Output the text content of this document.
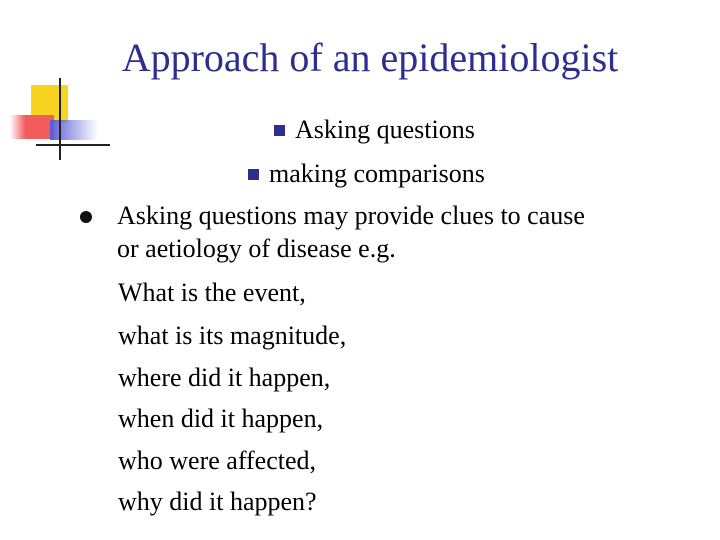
Approach of an epidemiologist
Asking questions
making comparisons
Asking questions may provide clues to cause
or aetiology of disease e.g.
What is the event,
what is its magnitude,
where did it happen,
when did it happen,
who were affected,
why did it happen?
